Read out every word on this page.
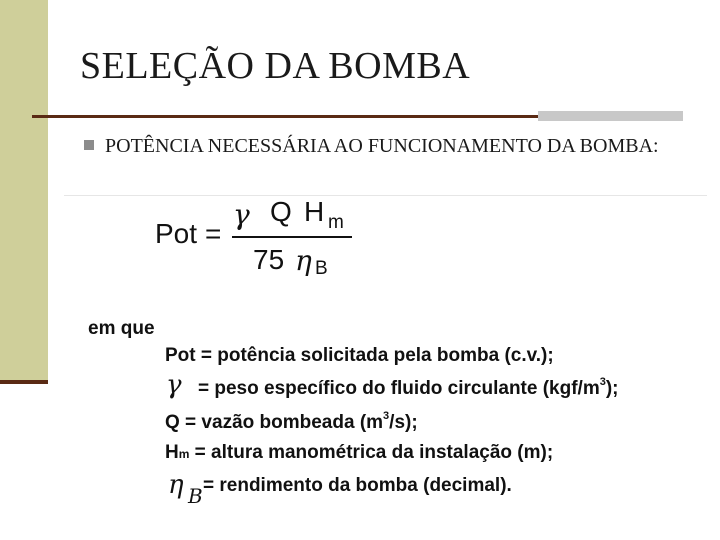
SELEÇÃO DA BOMBA
POTÊNCIA NECESSÁRIA AO FUNCIONAMENTO DA BOMBA:
Pot =
γ Q H m
75 η B
em que
Pot = potência solicitada pela bomba (c.v.);
γ = peso específico do fluido circulante $(kgf/m^3)$;
Q = vazão bombeada $(m^3/s)$;
Hm = altura manométrica da instalação (m);
η B = rendimento da bomba (decimal).
